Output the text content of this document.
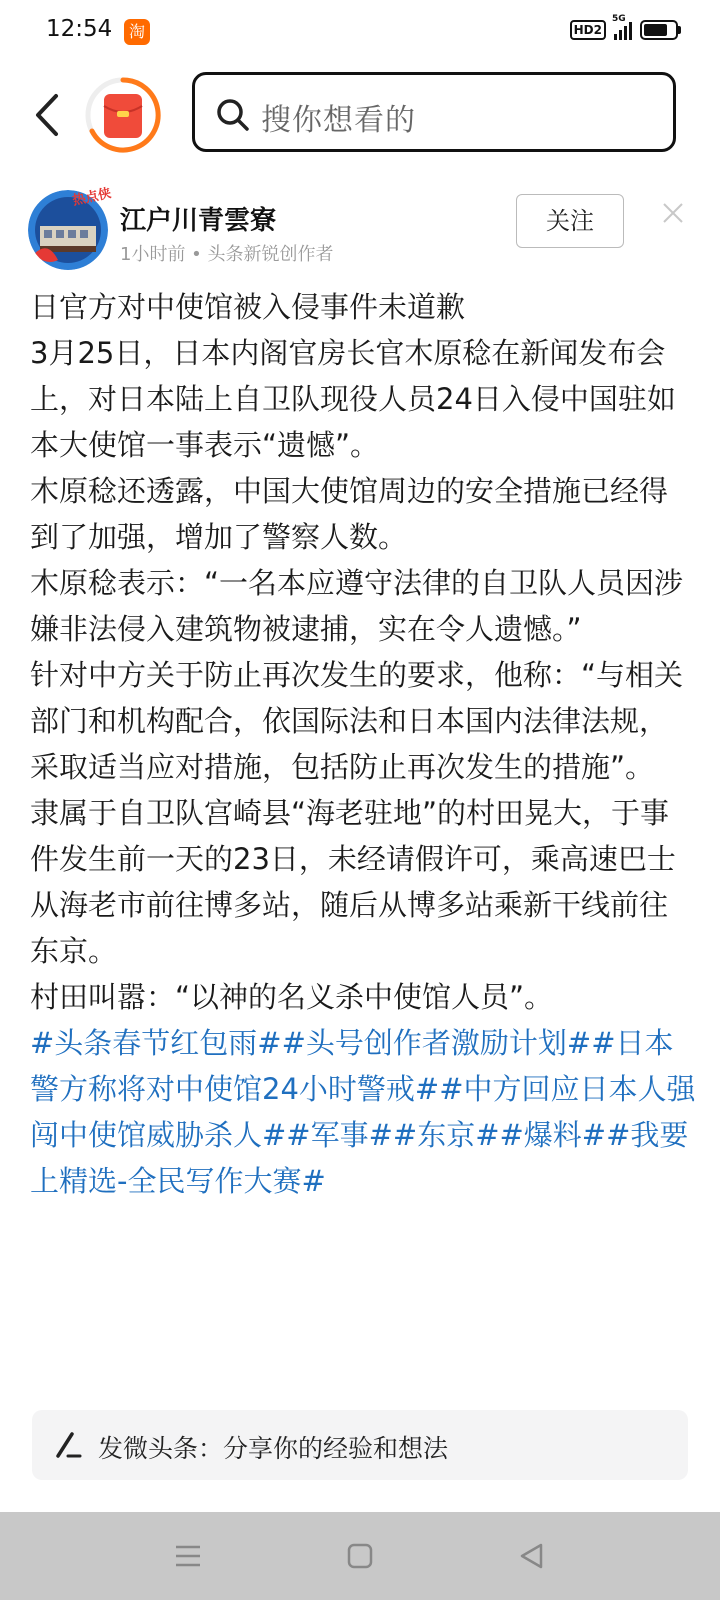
12:54	淘	HD2
5G
搜你想看的
热点侠
江户川青雲寮
1小时前 • 头条新锐创作者
关注

日官方对中使馆被入侵事件未道歉

3月25日，日本内阁官房长官木原稔在新闻发布会上，对日本陆上自卫队现役人员24日入侵中国驻如本大使馆一事表示“遗憾”。

木原稔还透露，中国大使馆周边的安全措施已经得到了加强，增加了警察人数。

木原稔表示：“一名本应遵守法律的自卫队人员因涉嫌非法侵入建筑物被逮捕，实在令人遗憾。”

针对中方关于防止再次发生的要求，他称：“与相关部门和机构配合，依国际法和日本国内法律法规，采取适当应对措施，包括防止再次发生的措施”。

隶属于自卫队宫崎县“海老驻地”的村田晃大，于事件发生前一天的23日，未经请假许可，乘高速巴士从海老市前往博多站，随后从博多站乘新干线前往东京。

村田叫嚣：“以神的名义杀中使馆人员”。

#头条春节红包雨##头号创作者激励计划##日本警方称将对中使馆24小时警戒##中方回应日本人强闯中使馆威胁杀人##军事##东京##爆料##我要上精选-全民写作大赛#

发微头条：分享你的经验和想法
